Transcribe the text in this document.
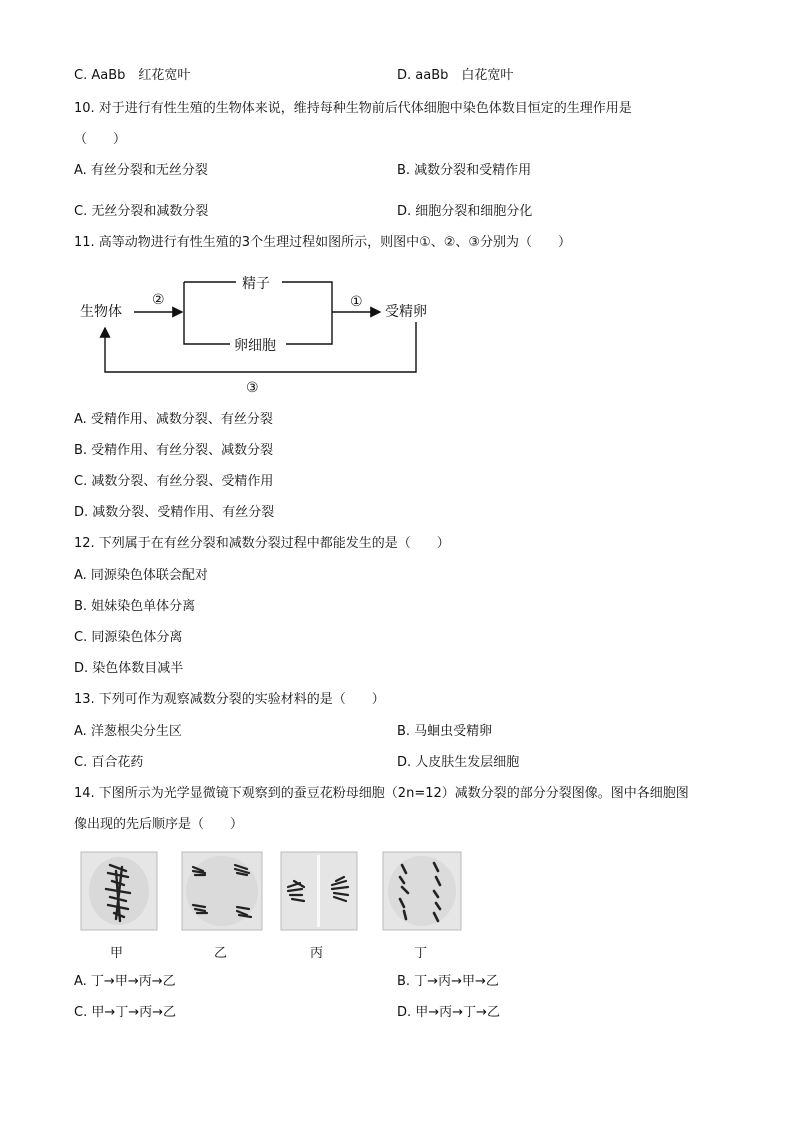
C. AaBb　红花宽叶	D. aaBb　白花宽叶
10. 对于进行有性生殖的生物体来说，维持每种生物前后代体细胞中染色体数目恒定的生理作用是
（　　）
A. 有丝分裂和无丝分裂	B. 减数分裂和受精作用
C. 无丝分裂和减数分裂	D. 细胞分裂和细胞分化
11. 高等动物进行有性生殖的3个生理过程如图所示，则图中①、②、③分别为（　　）
生物体
②
精子
卵细胞
①
受精卵
③
A. 受精作用、减数分裂、有丝分裂
B. 受精作用、有丝分裂、减数分裂
C. 减数分裂、有丝分裂、受精作用
D. 减数分裂、受精作用、有丝分裂
12. 下列属于在有丝分裂和减数分裂过程中都能发生的是（　　）
A. 同源染色体联会配对
B. 姐妹染色单体分离
C. 同源染色体分离
D. 染色体数目减半
13. 下列可作为观察减数分裂的实验材料的是（　　）
A. 洋葱根尖分生区	B. 马蛔虫受精卵
C. 百合花药	D. 人皮肤生发层细胞
14. 下图所示为光学显微镜下观察到的蚕豆花粉母细胞（2n=12）减数分裂的部分分裂图像。图中各细胞图
像出现的先后顺序是（　　）
甲	乙	丙	丁
A. 丁→甲→丙→乙	B. 丁→丙→甲→乙
C. 甲→丁→丙→乙	D. 甲→丙→丁→乙
